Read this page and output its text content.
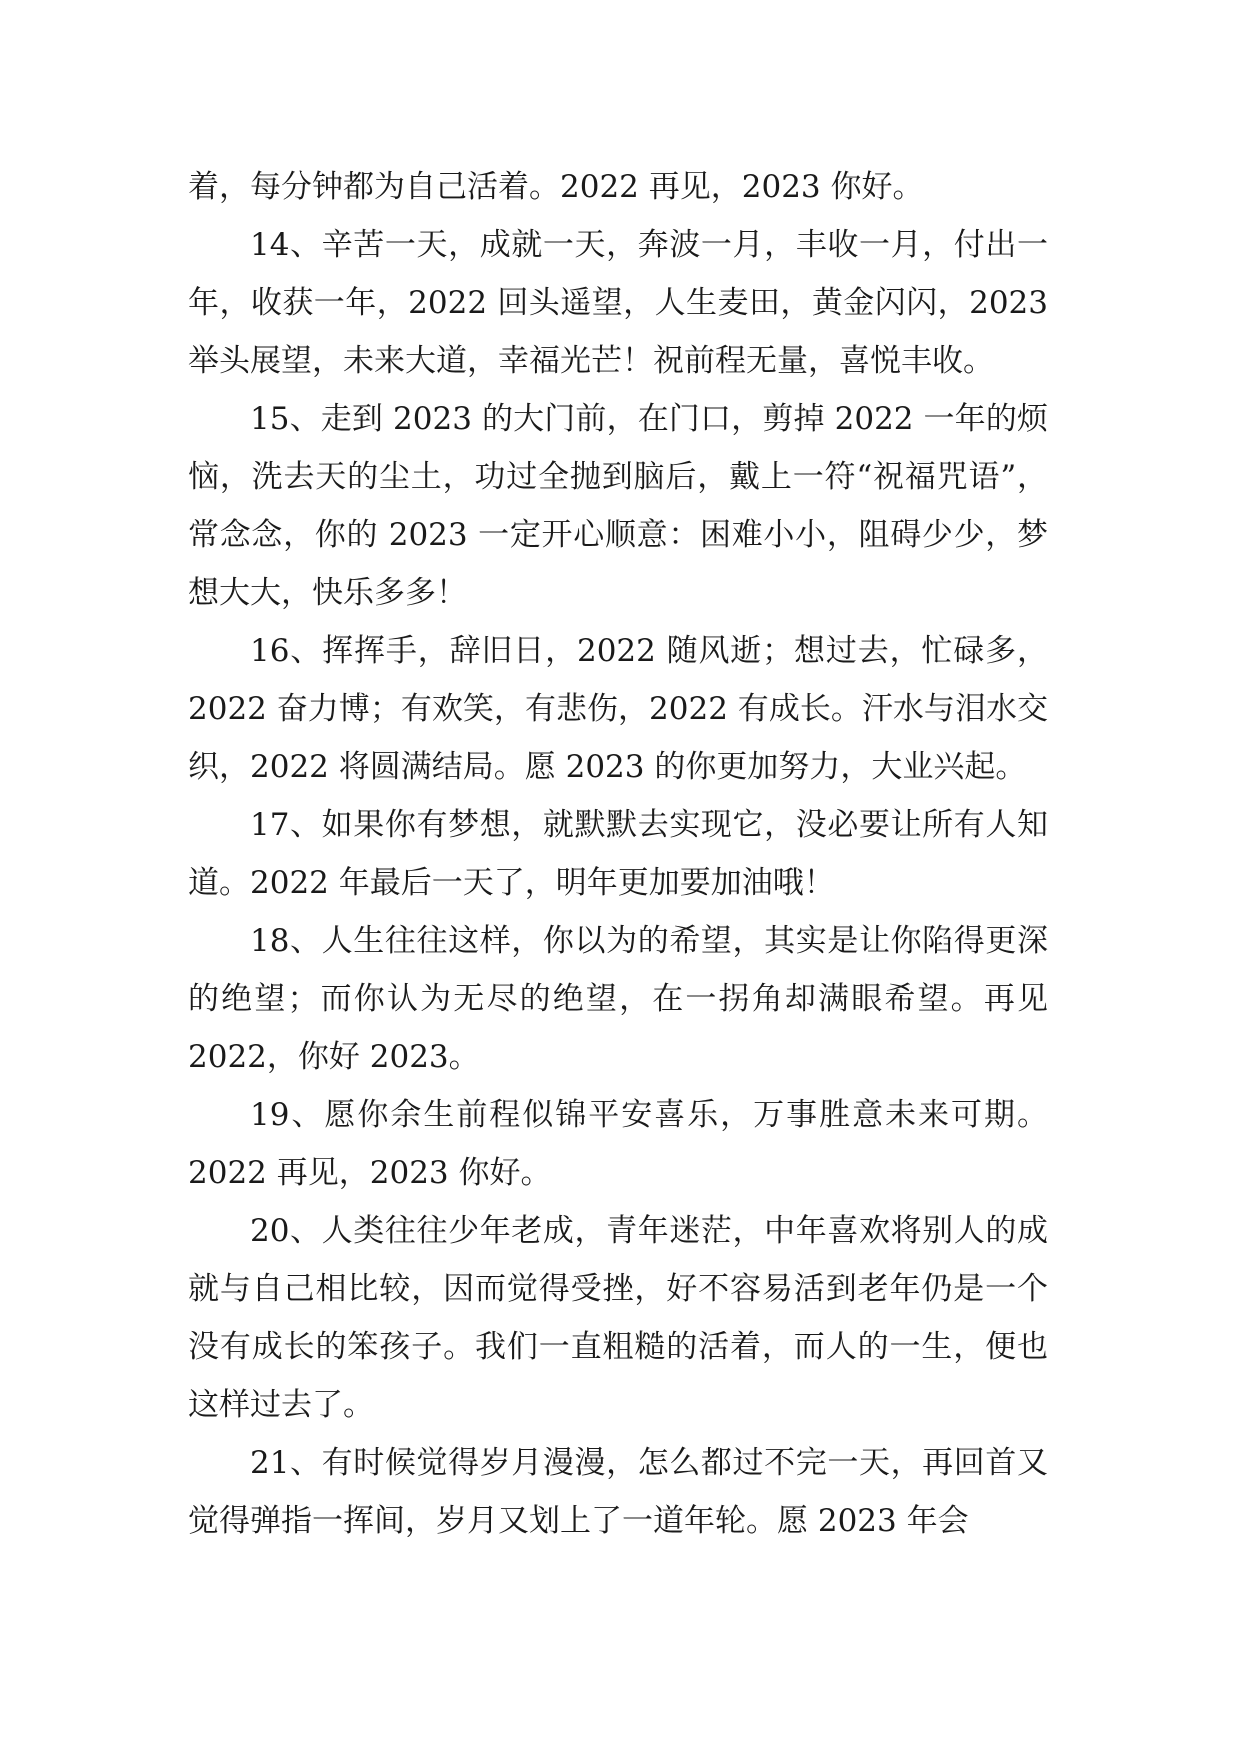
着，每分钟都为自己活着。2022 再见，2023 你好。

14、辛苦一天，成就一天，奔波一月，丰收一月，付出一年，收获一年，2022 回头遥望，人生麦田，黄金闪闪，2023 举头展望，未来大道，幸福光芒！祝前程无量，喜悦丰收。

15、走到 2023 的大门前，在门口，剪掉 2022 一年的烦恼，洗去天的尘土，功过全抛到脑后，戴上一符“祝福咒语”，常念念，你的 2023 一定开心顺意：困难小小，阻碍少少，梦想大大，快乐多多！

16、挥挥手，辞旧日，2022 随风逝；想过去，忙碌多，2022 奋力博；有欢笑，有悲伤，2022 有成长。汗水与泪水交织，2022 将圆满结局。愿 2023 的你更加努力，大业兴起。

17、如果你有梦想，就默默去实现它，没必要让所有人知道。2022 年最后一天了，明年更加要加油哦！

18、人生往往这样，你以为的希望，其实是让你陷得更深的绝望；而你认为无尽的绝望，在一拐角却满眼希望。再见 2022，你好 2023。

19、愿你余生前程似锦平安喜乐，万事胜意未来可期。2022 再见，2023 你好。

20、人类往往少年老成，青年迷茫，中年喜欢将别人的成就与自己相比较，因而觉得受挫，好不容易活到老年仍是一个没有成长的笨孩子。我们一直粗糙的活着，而人的一生，便也这样过去了。

21、有时候觉得岁月漫漫，怎么都过不完一天，再回首又觉得弹指一挥间，岁月又划上了一道年轮。愿 2023 年会
